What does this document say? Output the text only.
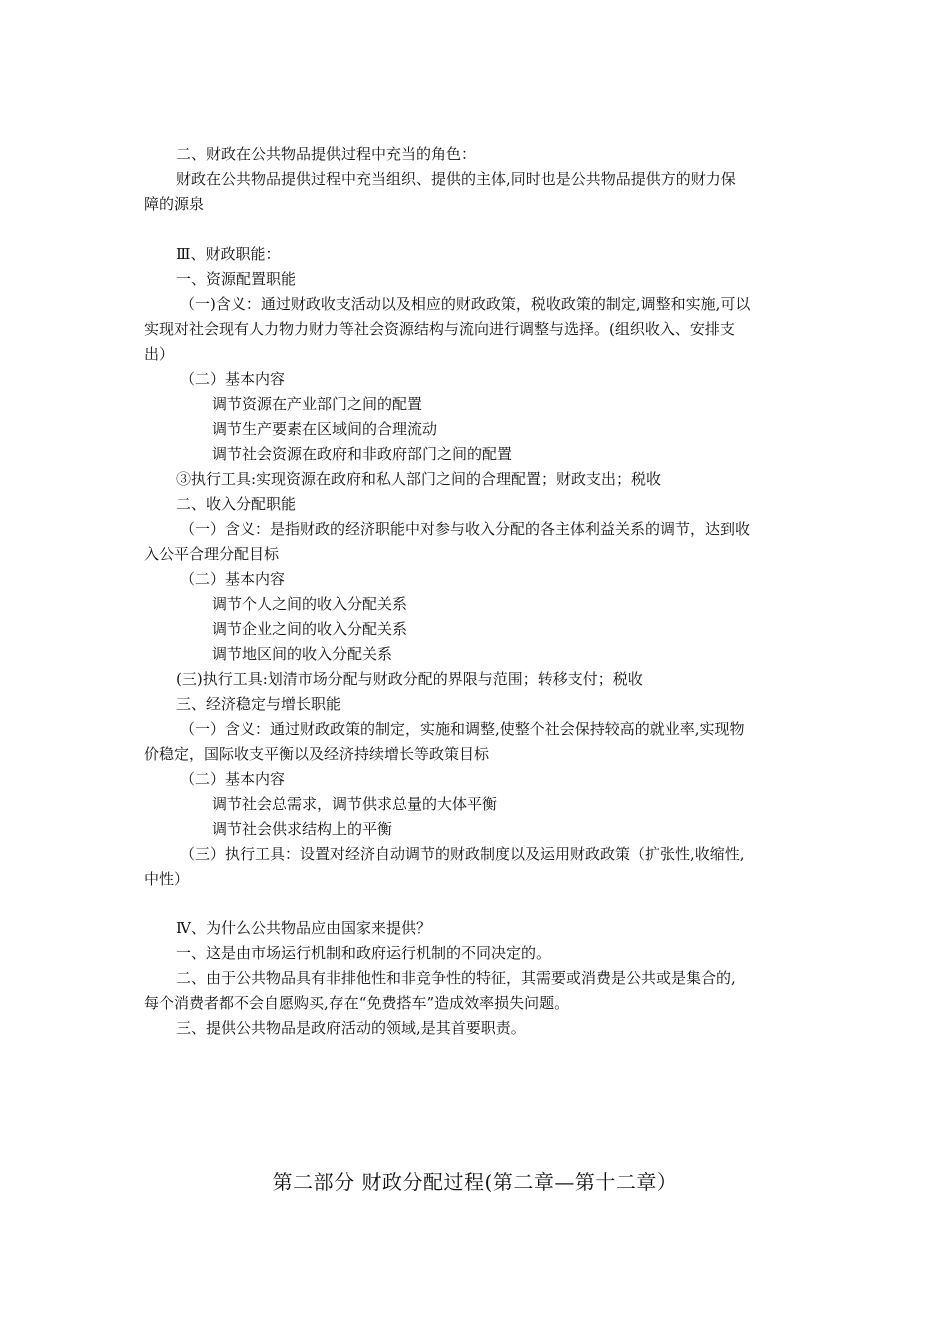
二、财政在公共物品提供过程中充当的角色：
财政在公共物品提供过程中充当组织、提供的主体,同时也是公共物品提供方的财力保
障的源泉
Ⅲ、财政职能：
一、资源配置职能
（一)含义：通过财政收支活动以及相应的财政政策，税收政策的制定,调整和实施,可以
实现对社会现有人力物力财力等社会资源结构与流向进行调整与选择。(组织收入、安排支
出）
（二）基本内容
调节资源在产业部门之间的配置
调节生产要素在区域间的合理流动
调节社会资源在政府和非政府部门之间的配置
③执行工具:实现资源在政府和私人部门之间的合理配置；财政支出；税收
二、收入分配职能
（一）含义：是指财政的经济职能中对参与收入分配的各主体利益关系的调节，达到收
入公平合理分配目标
（二）基本内容
调节个人之间的收入分配关系
调节企业之间的收入分配关系
调节地区间的收入分配关系
(三)执行工具:划清市场分配与财政分配的界限与范围；转移支付；税收
三、经济稳定与增长职能
（一）含义：通过财政政策的制定，实施和调整,使整个社会保持较高的就业率,实现物
价稳定，国际收支平衡以及经济持续增长等政策目标
（二）基本内容
调节社会总需求，调节供求总量的大体平衡
调节社会供求结构上的平衡
（三）执行工具：设置对经济自动调节的财政制度以及运用财政政策（扩张性,收缩性,
中性）
Ⅳ、为什么公共物品应由国家来提供？
一、这是由市场运行机制和政府运行机制的不同决定的。
二、由于公共物品具有非排他性和非竞争性的特征，其需要或消费是公共或是集合的,
每个消费者都不会自愿购买,存在“免费搭车”造成效率损失问题。
三、提供公共物品是政府活动的领域,是其首要职责。
第二部分 财政分配过程(第二章—第十二章）
